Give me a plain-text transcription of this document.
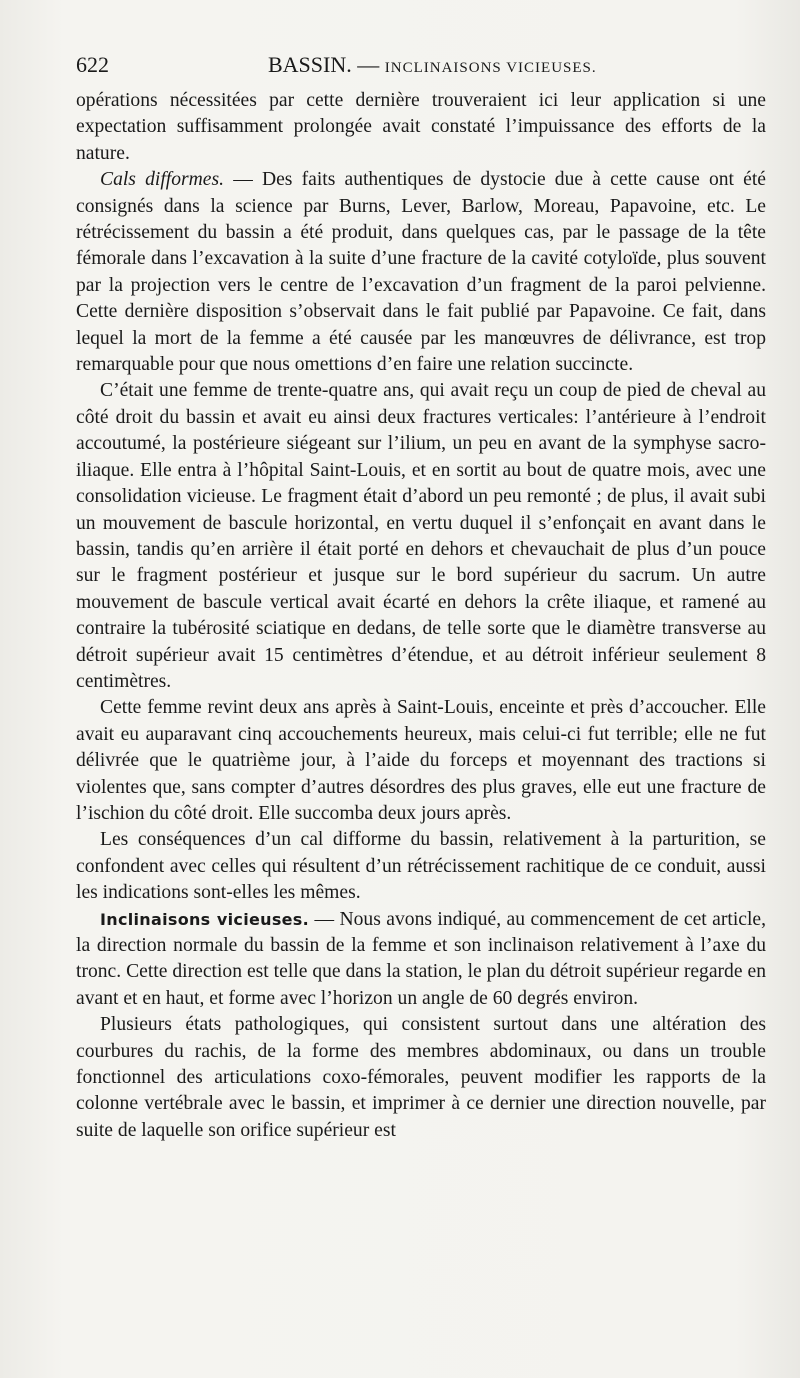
622	BASSIN. — INCLINAISONS VICIEUSES.

opérations nécessitées par cette dernière trouveraient ici leur application si une expectation suffisamment prolongée avait constaté l’impuissance des efforts de la nature.

Cals difformes. — Des faits authentiques de dystocie due à cette cause ont été consignés dans la science par Burns, Lever, Barlow, Moreau, Papavoine, etc. Le rétrécissement du bassin a été produit, dans quelques cas, par le passage de la tête fémorale dans l’excavation à la suite d’une fracture de la cavité cotyloïde, plus souvent par la projection vers le centre de l’excavation d’un fragment de la paroi pelvienne. Cette dernière disposition s’observait dans le fait publié par Papavoine. Ce fait, dans lequel la mort de la femme a été causée par les manœuvres de délivrance, est trop remarquable pour que nous omettions d’en faire une relation succincte.

C’était une femme de trente-quatre ans, qui avait reçu un coup de pied de cheval au côté droit du bassin et avait eu ainsi deux fractures verticales: l’antérieure à l’endroit accoutumé, la postérieure siégeant sur l’ilium, un peu en avant de la symphyse sacro-iliaque. Elle entra à l’hôpital Saint-Louis, et en sortit au bout de quatre mois, avec une consolidation vicieuse. Le fragment était d’abord un peu remonté ; de plus, il avait subi un mouvement de bascule horizontal, en vertu duquel il s’enfonçait en avant dans le bassin, tandis qu’en arrière il était porté en dehors et chevauchait de plus d’un pouce sur le fragment postérieur et jusque sur le bord supérieur du sacrum. Un autre mouvement de bascule vertical avait écarté en dehors la crête iliaque, et ramené au contraire la tubérosité sciatique en dedans, de telle sorte que le diamètre transverse au détroit supérieur avait 15 centimètres d’étendue, et au détroit inférieur seulement 8 centimètres.

Cette femme revint deux ans après à Saint-Louis, enceinte et près d’accoucher. Elle avait eu auparavant cinq accouchements heureux, mais celui-ci fut terrible; elle ne fut délivrée que le quatrième jour, à l’aide du forceps et moyennant des tractions si violentes que, sans compter d’autres désordres des plus graves, elle eut une fracture de l’ischion du côté droit. Elle succomba deux jours après.

Les conséquences d’un cal difforme du bassin, relativement à la parturition, se confondent avec celles qui résultent d’un rétrécissement rachitique de ce conduit, aussi les indications sont-elles les mêmes.

Inclinaisons vicieuses. — Nous avons indiqué, au commencement de cet article, la direction normale du bassin de la femme et son inclinaison relativement à l’axe du tronc. Cette direction est telle que dans la station, le plan du détroit supérieur regarde en avant et en haut, et forme avec l’horizon un angle de 60 degrés environ.

Plusieurs états pathologiques, qui consistent surtout dans une altération des courbures du rachis, de la forme des membres abdominaux, ou dans un trouble fonctionnel des articulations coxo-fémorales, peuvent modifier les rapports de la colonne vertébrale avec le bassin, et imprimer à ce dernier une direction nouvelle, par suite de laquelle son orifice supérieur est
